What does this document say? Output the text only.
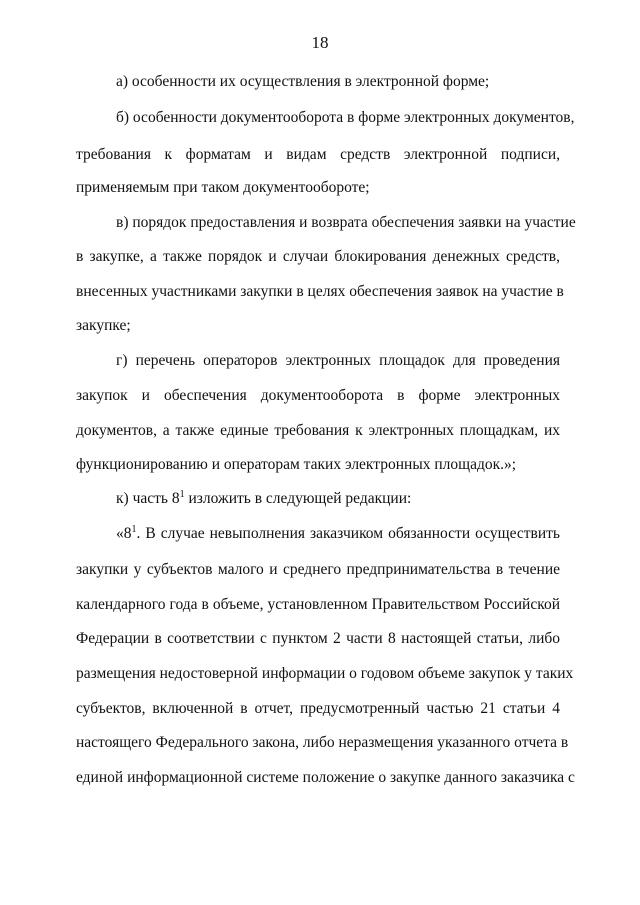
18
а) особенности их осуществления в электронной форме;
б) особенности документооборота в форме электронных документов,
требования к форматам и видам средств электронной подписи,
применяемым при таком документообороте;
в) порядок предоставления и возврата обеспечения заявки на участие
в закупке, а также порядок и случаи блокирования денежных средств,
внесенных участниками закупки в целях обеспечения заявок на участие в
закупке;
г) перечень операторов электронных площадок для проведения
закупок и обеспечения документооборота в форме электронных
документов, а также единые требования к электронных площадкам, их
функционированию и операторам таких электронных площадок.»;
к) часть $8^1$ изложить в следующей редакции:
«$8^1$. В случае невыполнения заказчиком обязанности осуществить
закупки у субъектов малого и среднего предпринимательства в течение
календарного года в объеме, установленном Правительством Российской
Федерации в соответствии с пунктом 2 части 8 настоящей статьи, либо
размещения недостоверной информации о годовом объеме закупок у таких
субъектов, включенной в отчет, предусмотренный частью 21 статьи 4
настоящего Федерального закона, либо неразмещения указанного отчета в
единой информационной системе положение о закупке данного заказчика с
